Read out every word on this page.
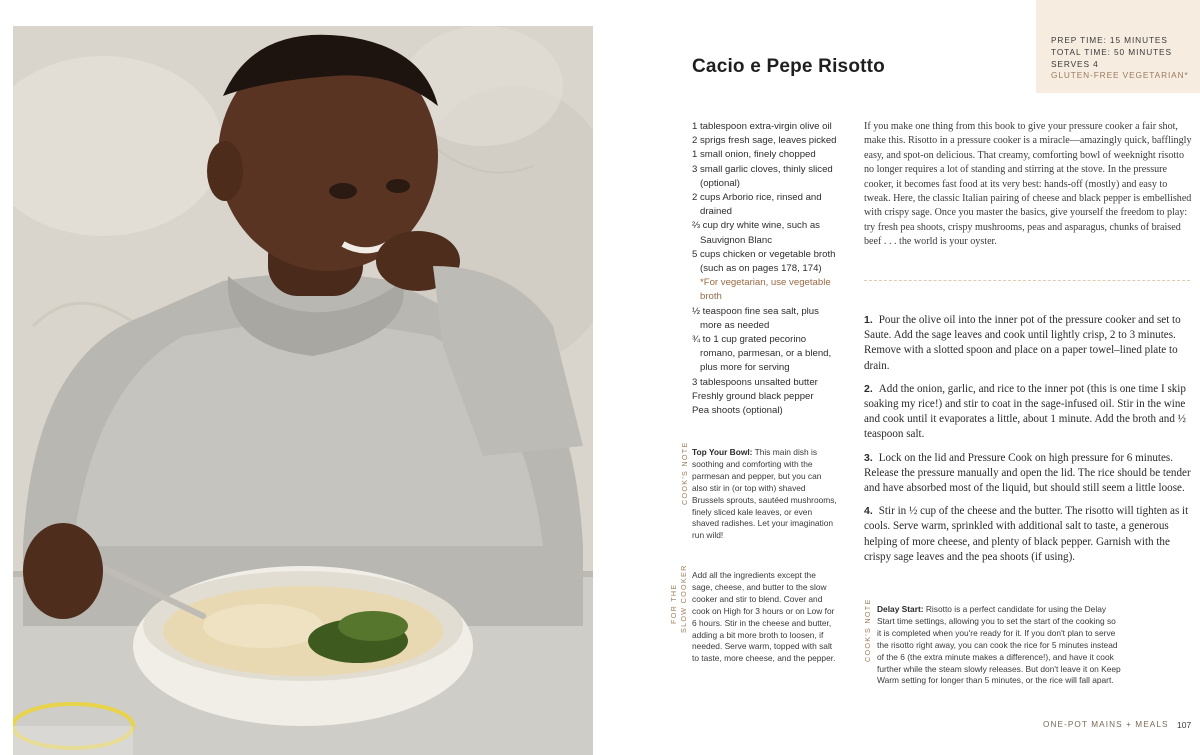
PREP TIME: 15 MINUTES
TOTAL TIME: 50 MINUTES
SERVES 4
GLUTEN-FREE VEGETARIAN*
Cacio e Pepe Risotto
1 tablespoon extra-virgin olive oil
2 sprigs fresh sage, leaves picked
1 small onion, finely chopped
3 small garlic cloves, thinly sliced (optional)
2 cups Arborio rice, rinsed and drained
⅔ cup dry white wine, such as Sauvignon Blanc
5 cups chicken or vegetable broth (such as on pages 178, 174) *For vegetarian, use vegetable broth
½ teaspoon fine sea salt, plus more as needed
¾ to 1 cup grated pecorino romano, parmesan, or a blend, plus more for serving
3 tablespoons unsalted butter
Freshly ground black pepper
Pea shoots (optional)

If you make one thing from this book to give your pressure cooker a fair shot, make this. Risotto in a pressure cooker is a miracle—amazingly quick, bafflingly easy, and spot-on delicious. That creamy, comforting bowl of weeknight risotto no longer requires a lot of standing and stirring at the stove. In the pressure cooker, it becomes fast food at its very best: hands-off (mostly) and easy to tweak. Here, the classic Italian pairing of cheese and black pepper is embellished with crispy sage. Once you master the basics, give yourself the freedom to play: try fresh pea shoots, crispy mushrooms, peas and asparagus, chunks of braised beef . . . the world is your oyster.

1. Pour the olive oil into the inner pot of the pressure cooker and set to Saute. Add the sage leaves and cook until lightly crisp, 2 to 3 minutes. Remove with a slotted spoon and place on a paper towel–lined plate to drain.
2. Add the onion, garlic, and rice to the inner pot (this is one time I skip soaking my rice!) and stir to coat in the sage-infused oil. Stir in the wine and cook until it evaporates a little, about 1 minute. Add the broth and ½ teaspoon salt.
3. Lock on the lid and Pressure Cook on high pressure for 6 minutes. Release the pressure manually and open the lid. The rice should be tender and have absorbed most of the liquid, but should still seem a little loose.
4. Stir in ½ cup of the cheese and the butter. The risotto will tighten as it cools. Serve warm, sprinkled with additional salt to taste, a generous helping of more cheese, and plenty of black pepper. Garnish with the crispy sage leaves and the pea shoots (if using).
COOK'S NOTE Top Your Bowl: This main dish is soothing and comforting with the parmesan and pepper, but you can also stir in (or top with) shaved Brussels sprouts, sautéed mushrooms, finely sliced kale leaves, or even shaved radishes. Let your imagination run wild!
FOR THE SLOW COOKER Add all the ingredients except the sage, cheese, and butter to the slow cooker and stir to blend. Cover and cook on High for 3 hours or on Low for 6 hours. Stir in the cheese and butter, adding a bit more broth to loosen, if needed. Serve warm, topped with salt to taste, more cheese, and the pepper.	COOK'S NOTE Delay Start: Risotto is a perfect candidate for using the Delay Start time settings, allowing you to set the start of the cooking so it is completed when you're ready for it. If you don't plan to serve the risotto right away, you can cook the rice for 5 minutes instead of the 6 (the extra minute makes a difference!), and have it cook further while the steam slowly releases. But don't leave it on Keep Warm setting for longer than 5 minutes, or the rice will fall apart.
ONE-POT MAINS + MEALS 107
